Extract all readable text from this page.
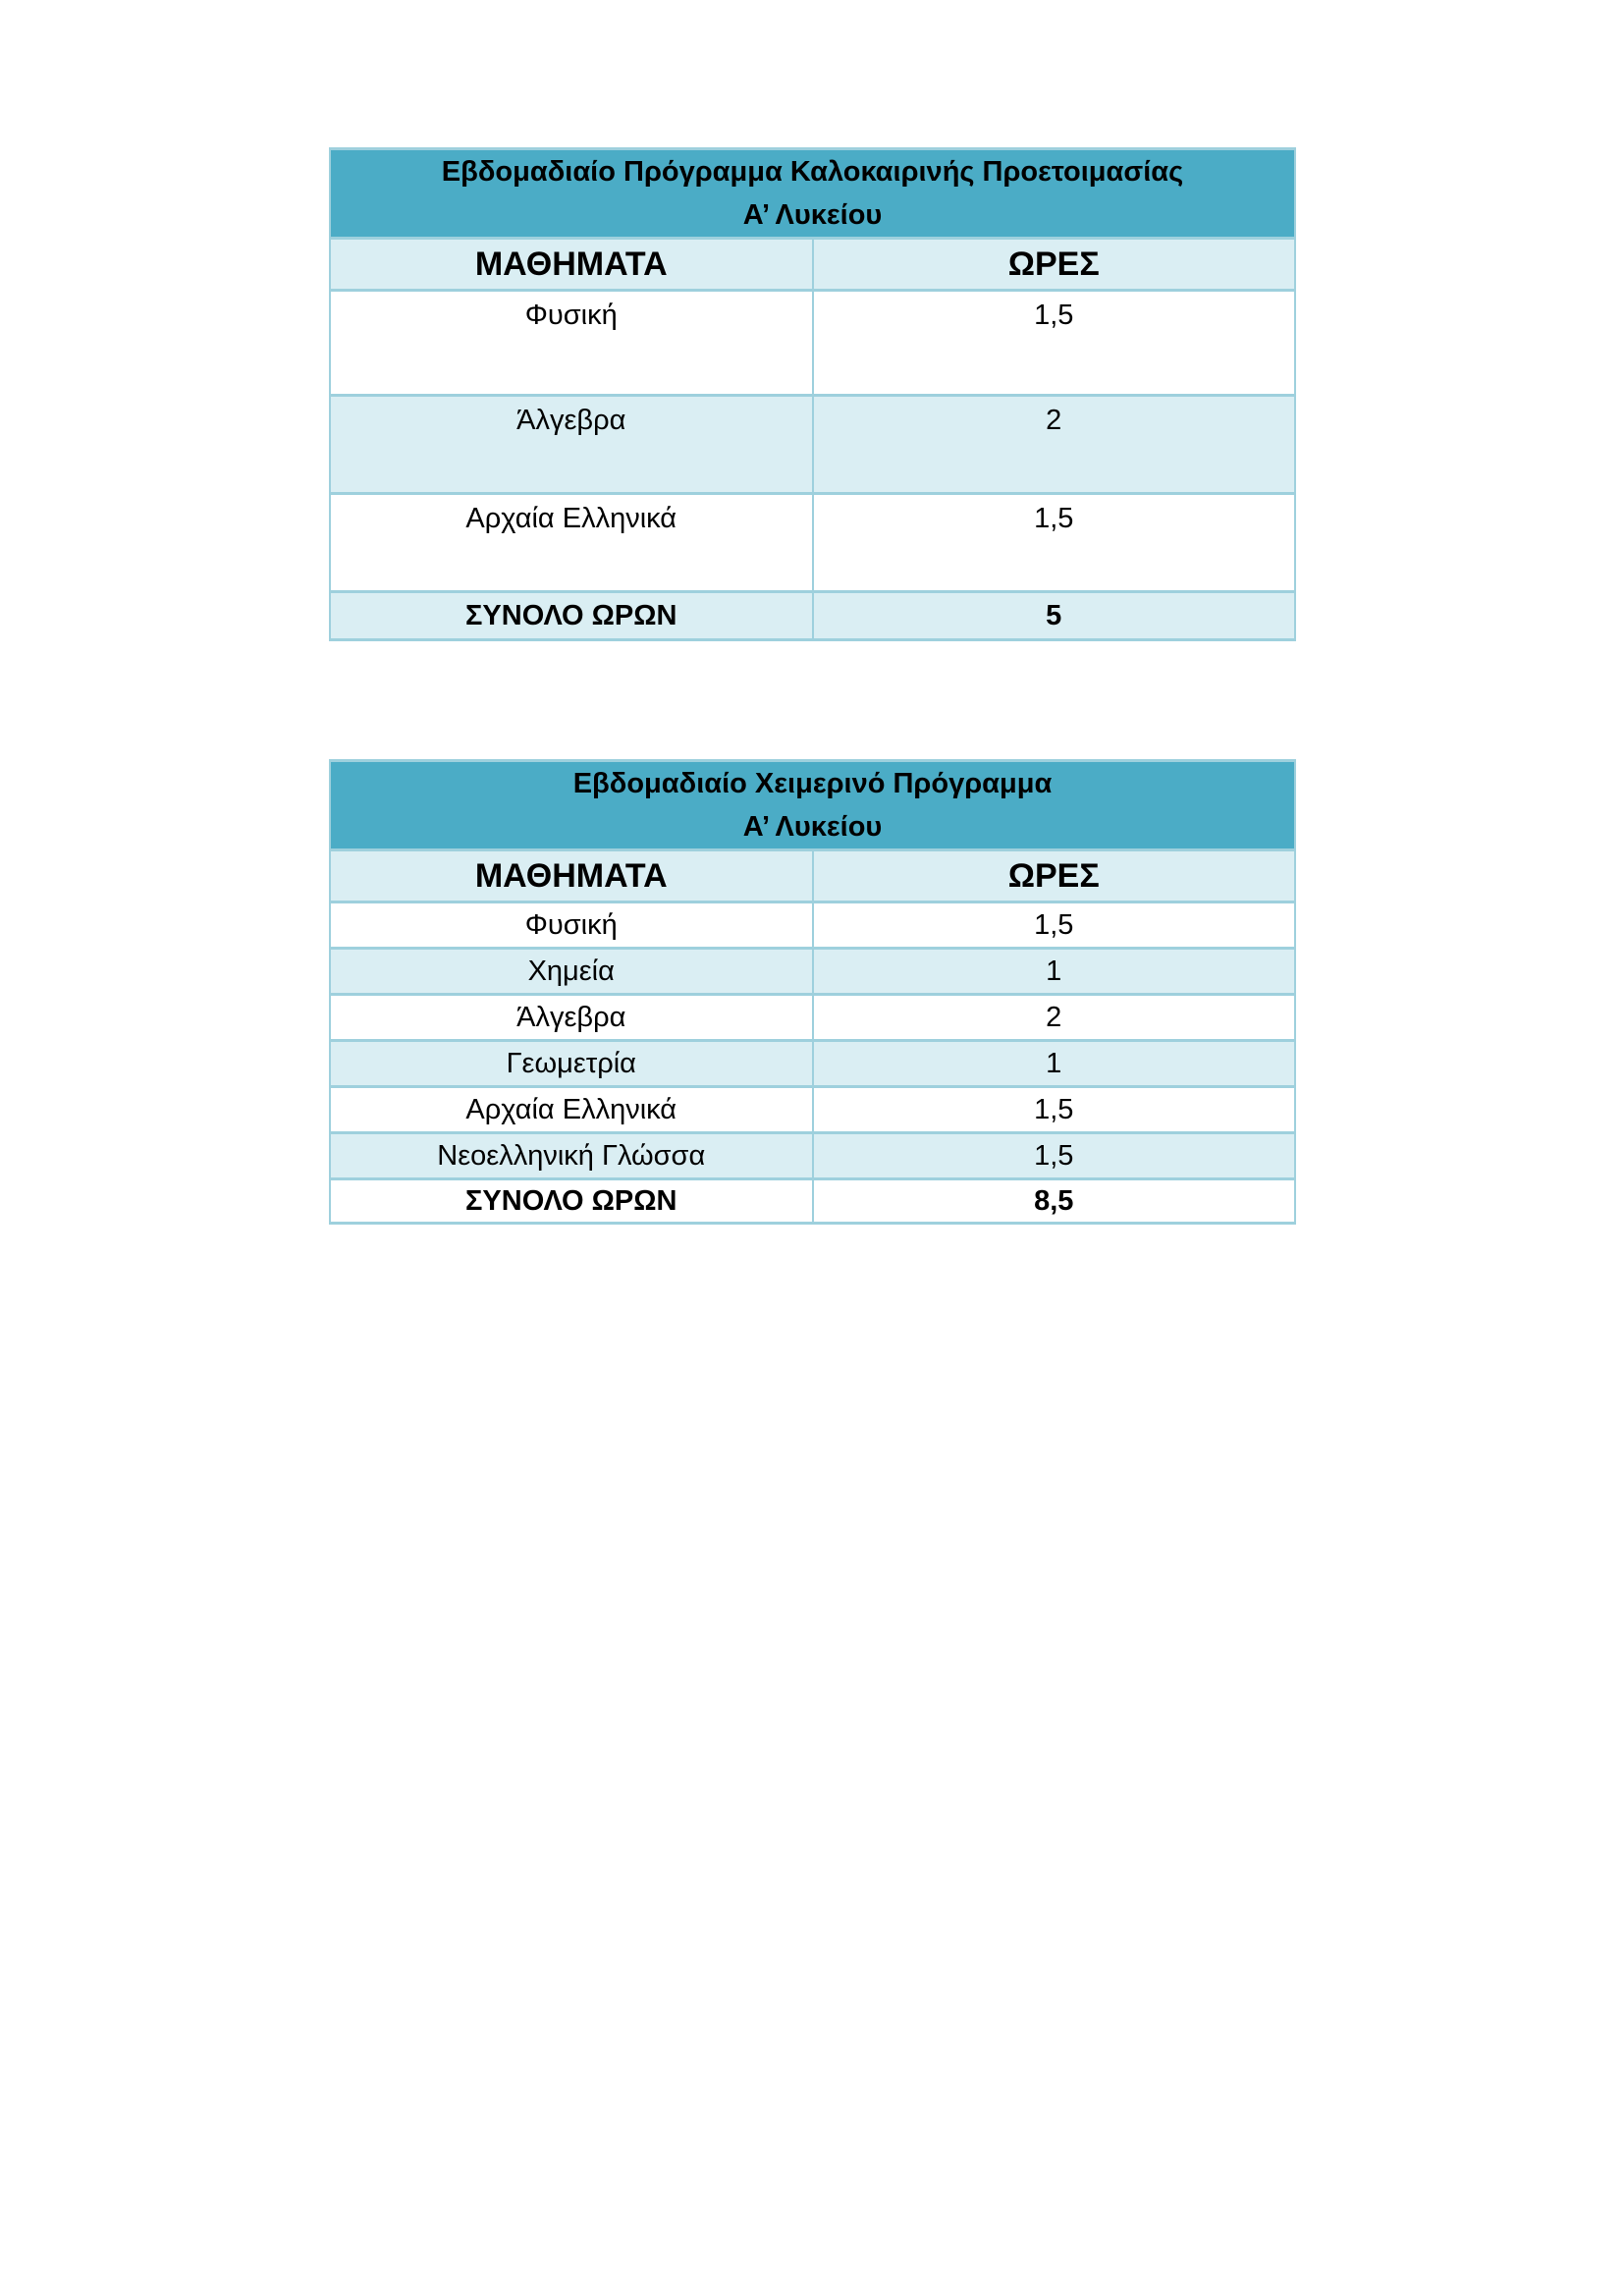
Εβδομαδιαίο Πρόγραμμα Καλοκαιρινής Προετοιμασίας
Α’ Λυκείου	
ΜΑΘΗΜΑΤΑ	ΩΡΕΣ
Φυσική	1,5
Άλγεβρα	2
Αρχαία Ελληνικά	1,5
ΣΥΝΟΛΟ ΩΡΩΝ	5
Εβδομαδιαίο Χειμερινό Πρόγραμμα
Α’ Λυκείου	
ΜΑΘΗΜΑΤΑ	ΩΡΕΣ
Φυσική	1,5
Χημεία	1
Άλγεβρα	2
Γεωμετρία	1
Αρχαία Ελληνικά	1,5
Νεοελληνική Γλώσσα	1,5
ΣΥΝΟΛΟ ΩΡΩΝ	8,5
